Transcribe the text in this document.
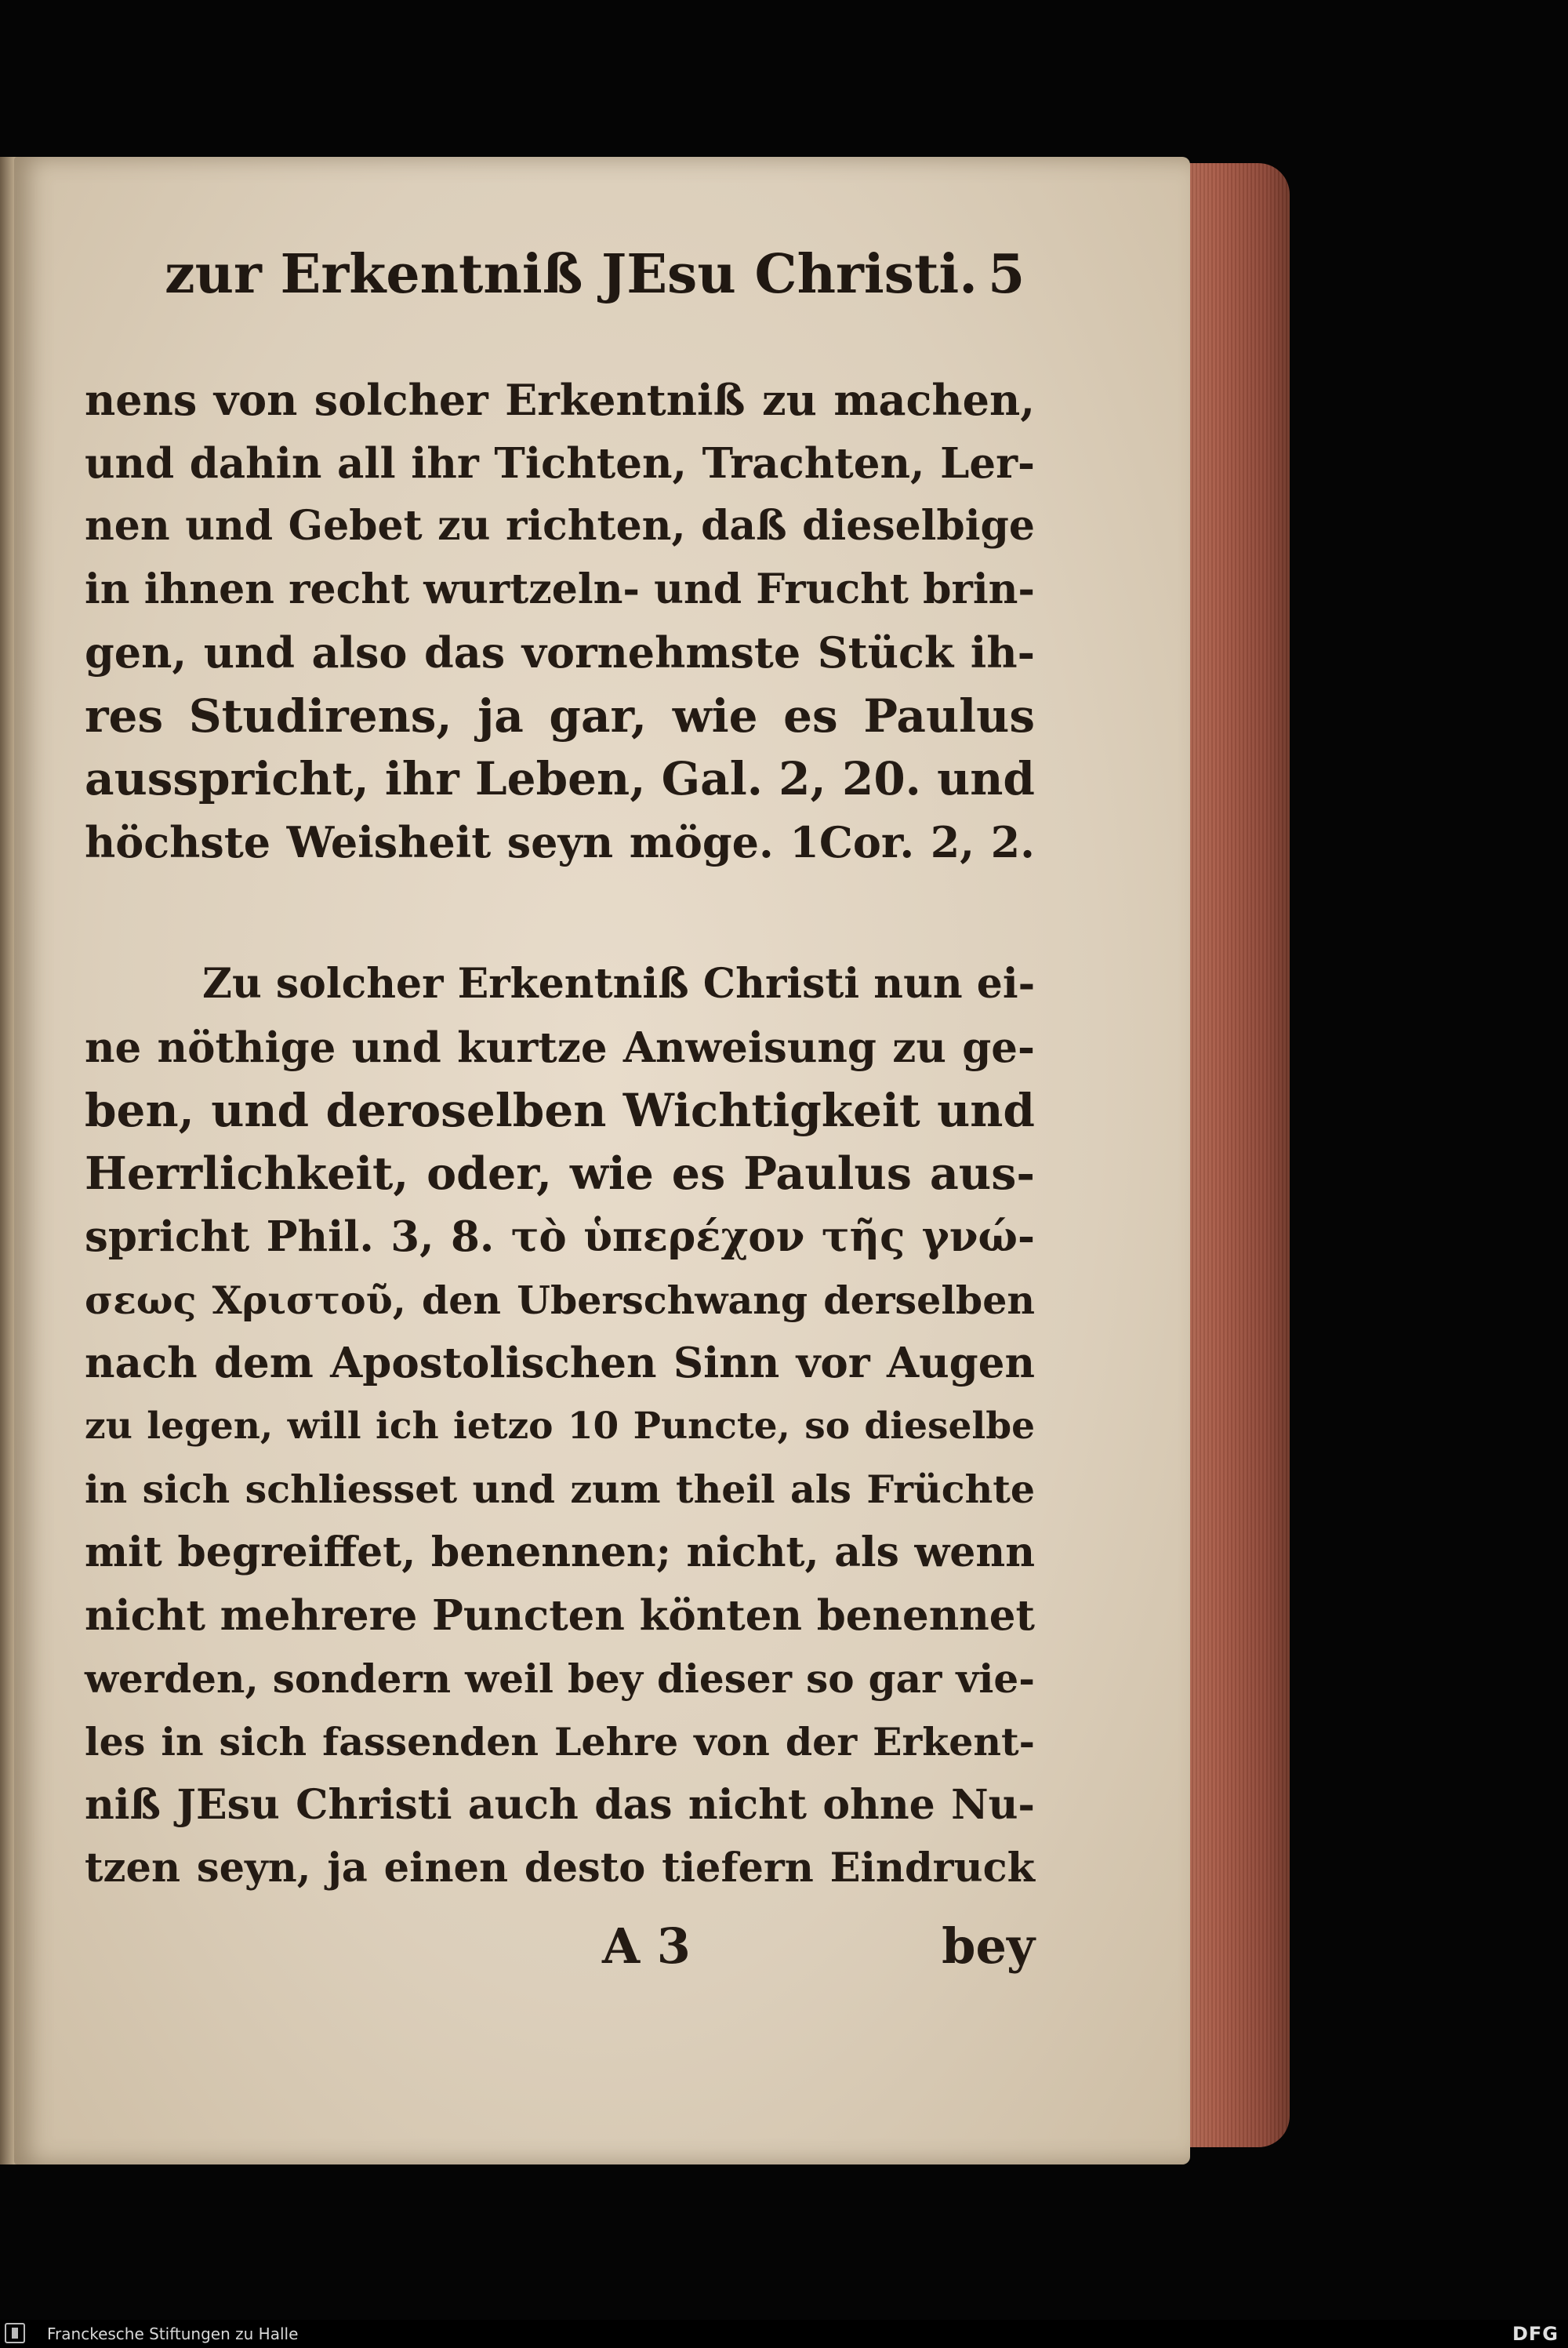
zur Erkentniß JEsu Christi. 5
nens von solcher Erkentniß zu machen,
und dahin all ihr Tichten, Trachten, Ler-
nen und Gebet zu richten, daß dieselbige
in ihnen recht wurtzeln- und Frucht brin-
gen, und also das vornehmste Stück ih-
res Studirens, ja gar, wie es Paulus
ausspricht, ihr Leben, Gal. 2, 20. und
höchste Weisheit seyn möge. 1Cor. 2, 2.
Zu solcher Erkentniß Christi nun ei-
ne nöthige und kurtze Anweisung zu ge-
ben, und deroselben Wichtigkeit und
Herrlichkeit, oder, wie es Paulus aus-
spricht Phil. 3, 8. τὸ ὑπερέχον τῆς γνώ-
σεως Χριστοῦ, den Uberschwang derselben
nach dem Apostolischen Sinn vor Augen
zu legen, will ich ietzo 10 Puncte, so dieselbe
in sich schliesset und zum theil als Früchte
mit begreiffet, benennen; nicht, als wenn
nicht mehrere Puncten könten benennet
werden, sondern weil bey dieser so gar vie-
les in sich fassenden Lehre von der Erkent-
niß JEsu Christi auch das nicht ohne Nu-
tzen seyn, ja einen desto tiefern Eindruck
A 3	bey
Franckesche Stiftungen zu Halle	DFG
